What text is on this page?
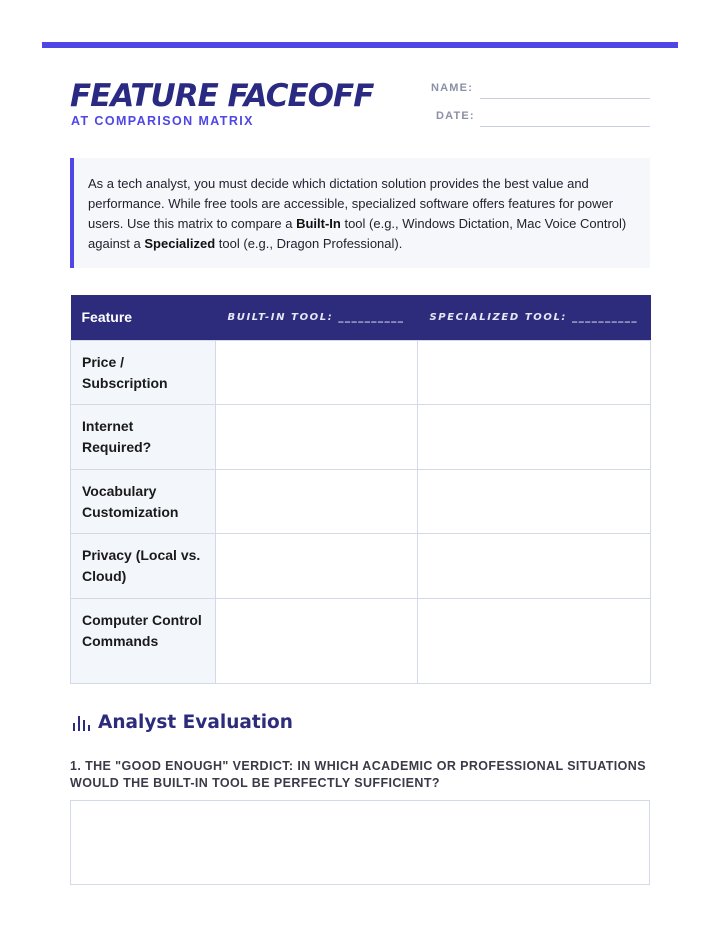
FEATURE FACEOFF
AT COMPARISON MATRIX
NAME:
DATE:

As a tech analyst, you must decide which dictation solution provides the best value and performance. While free tools are accessible, specialized software offers features for power users. Use this matrix to compare a Built-In tool (e.g., Windows Dictation, Mac Voice Control) against a Specialized tool (e.g., Dragon Professional).

Feature	BUILT-IN TOOL: __________	SPECIALIZED TOOL: __________
Price / Subscription		
Internet Required?		
Vocabulary Customization		
Privacy (Local vs. Cloud)		
Computer Control Commands		
Analyst Evaluation
1. THE "GOOD ENOUGH" VERDICT: IN WHICH ACADEMIC OR PROFESSIONAL SITUATIONS WOULD THE BUILT-IN TOOL BE PERFECTLY SUFFICIENT?
